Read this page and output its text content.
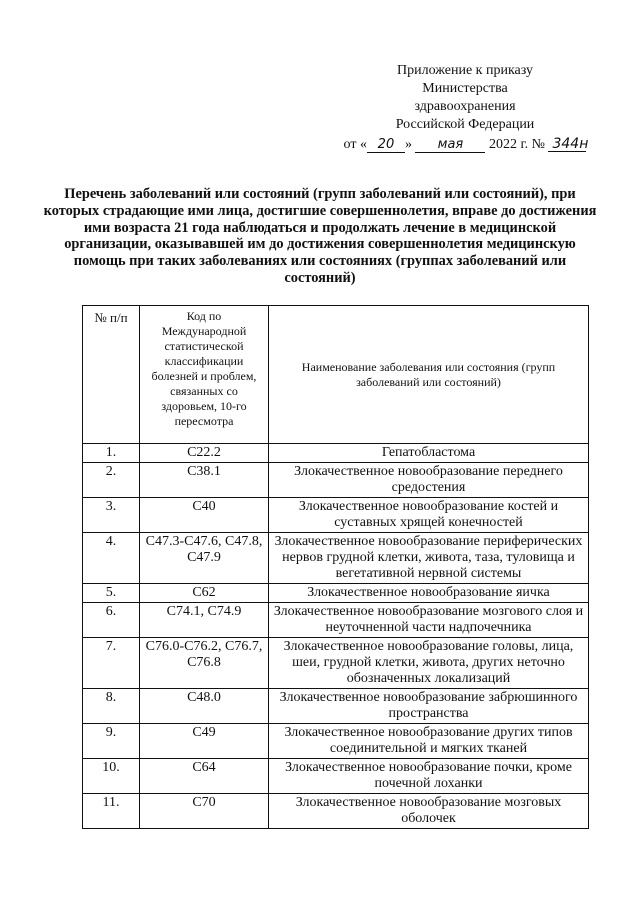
Приложение к приказу
Министерства
здравоохранения
Российской Федерации
от « 20 » мая 2022 г. № 344н
Перечень заболеваний или состояний (групп заболеваний или состояний), при которых страдающие ими лица, достигшие совершеннолетия, вправе до достижения ими возраста 21 года наблюдаться и продолжать лечение в медицинской организации, оказывавшей им до достижения совершеннолетия медицинскую помощь при таких заболеваниях или состояниях (группах заболеваний или состояний)
№ п/п	Код по Международной статистической классификации болезней и проблем, связанных со здоровьем, 10-го пересмотра	Наименование заболевания или состояния (групп заболеваний или состояний)
1.	C22.2	Гепатобластома
2.	C38.1	Злокачественное новообразование переднего средостения
3.	C40	Злокачественное новообразование костей и суставных хрящей конечностей
4.	C47.3-C47.6, C47.8, C47.9	Злокачественное новообразование периферических нервов грудной клетки, живота, таза, туловища и вегетативной нервной системы
5.	C62	Злокачественное новообразование яичка
6.	C74.1, C74.9	Злокачественное новообразование мозгового слоя и неуточненной части надпочечника
7.	C76.0-C76.2, C76.7, C76.8	Злокачественное новообразование головы, лица, шеи, грудной клетки, живота, других неточно обозначенных локализаций
8.	C48.0	Злокачественное новообразование забрюшинного пространства
9.	C49	Злокачественное новообразование других типов соединительной и мягких тканей
10.	C64	Злокачественное новообразование почки, кроме почечной лоханки
11.	C70	Злокачественное новообразование мозговых оболочек
